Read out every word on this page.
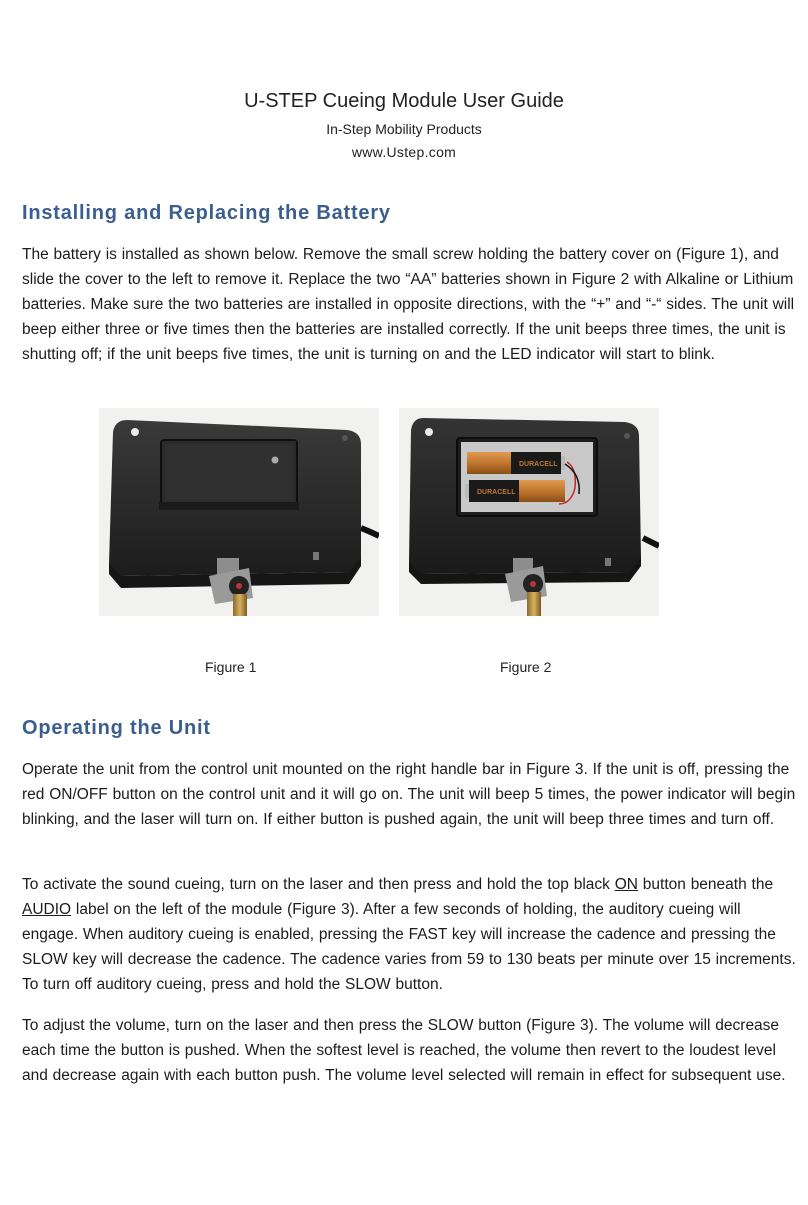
U-STEP Cueing Module User Guide
In-Step Mobility Products
www.Ustep.com
Installing and Replacing the Battery

The battery is installed as shown below. Remove the small screw holding the battery cover on (Figure 1), and slide the cover to the left to remove it. Replace the two “AA” batteries shown in Figure 2 with Alkaline or Lithium batteries. Make sure the two batteries are installed in opposite directions, with the “+” and “-“ sides. The unit will beep either three or five times then the batteries are installed correctly. If the unit beeps three times, the unit is shutting off; if the unit beeps five times, the unit is turning on and the LED indicator will start to blink.

DURACELL
DURACELL
Figure 1	Figure 2
Operating the Unit

Operate the unit from the control unit mounted on the right handle bar in Figure 3. If the unit is off, pressing the red ON/OFF button on the control unit and it will go on. The unit will beep 5 times, the power indicator will begin blinking, and the laser will turn on. If either button is pushed again, the unit will beep three times and turn off.

To activate the sound cueing, turn on the laser and then press and hold the top black ON button beneath the AUDIO label on the left of the module (Figure 3). After a few seconds of holding, the auditory cueing will engage. When auditory cueing is enabled, pressing the FAST key will increase the cadence and pressing the SLOW key will decrease the cadence. The cadence varies from 59 to 130 beats per minute over 15 increments. To turn off auditory cueing, press and hold the SLOW button.

To adjust the volume, turn on the laser and then press the SLOW button (Figure 3). The volume will decrease each time the button is pushed. When the softest level is reached, the volume then revert to the loudest level and decrease again with each button push. The volume level selected will remain in effect for subsequent use.
